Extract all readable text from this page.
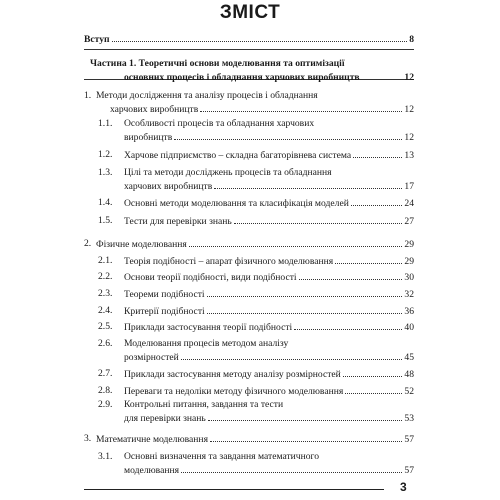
ЗМІСТ
Вступ	8
Частина 1. Теоретичні основи моделювання та оптимізації
основних процесів і обладнання харчових виробництв	12
1. Методи дослідження та аналізу процесів і обладнання
харчових виробництв	12
1.1. Особливості процесів та обладнання харчових
виробництв	12
1.2. Харчове підприємство – складна багаторівнева система	13
1.3. Цілі та методи досліджень процесів та обладнання
харчових виробництв	17
1.4. Основні методи моделювання та класифікація моделей	24
1.5. Тести для перевірки знань	27
2. Фізичне моделювання	29
2.1. Теорія подібності – апарат фізичного моделювання	29
2.2. Основи теорії подібності, види подібності	30
2.3. Теореми подібності	32
2.4. Критерії подібності	36
2.5. Приклади застосування теорії подібності	40
2.6. Моделювання процесів методом аналізу
розмірностей	45
2.7. Приклади застосування методу аналізу розмірностей	48
2.8. Переваги та недоліки методу фізичного моделювання	52
2.9. Контрольні питання, завдання та тести
для перевірки знань	53
3. Математичне моделювання	57
3.1. Основні визначення та завдання математичного
моделювання	57
3
